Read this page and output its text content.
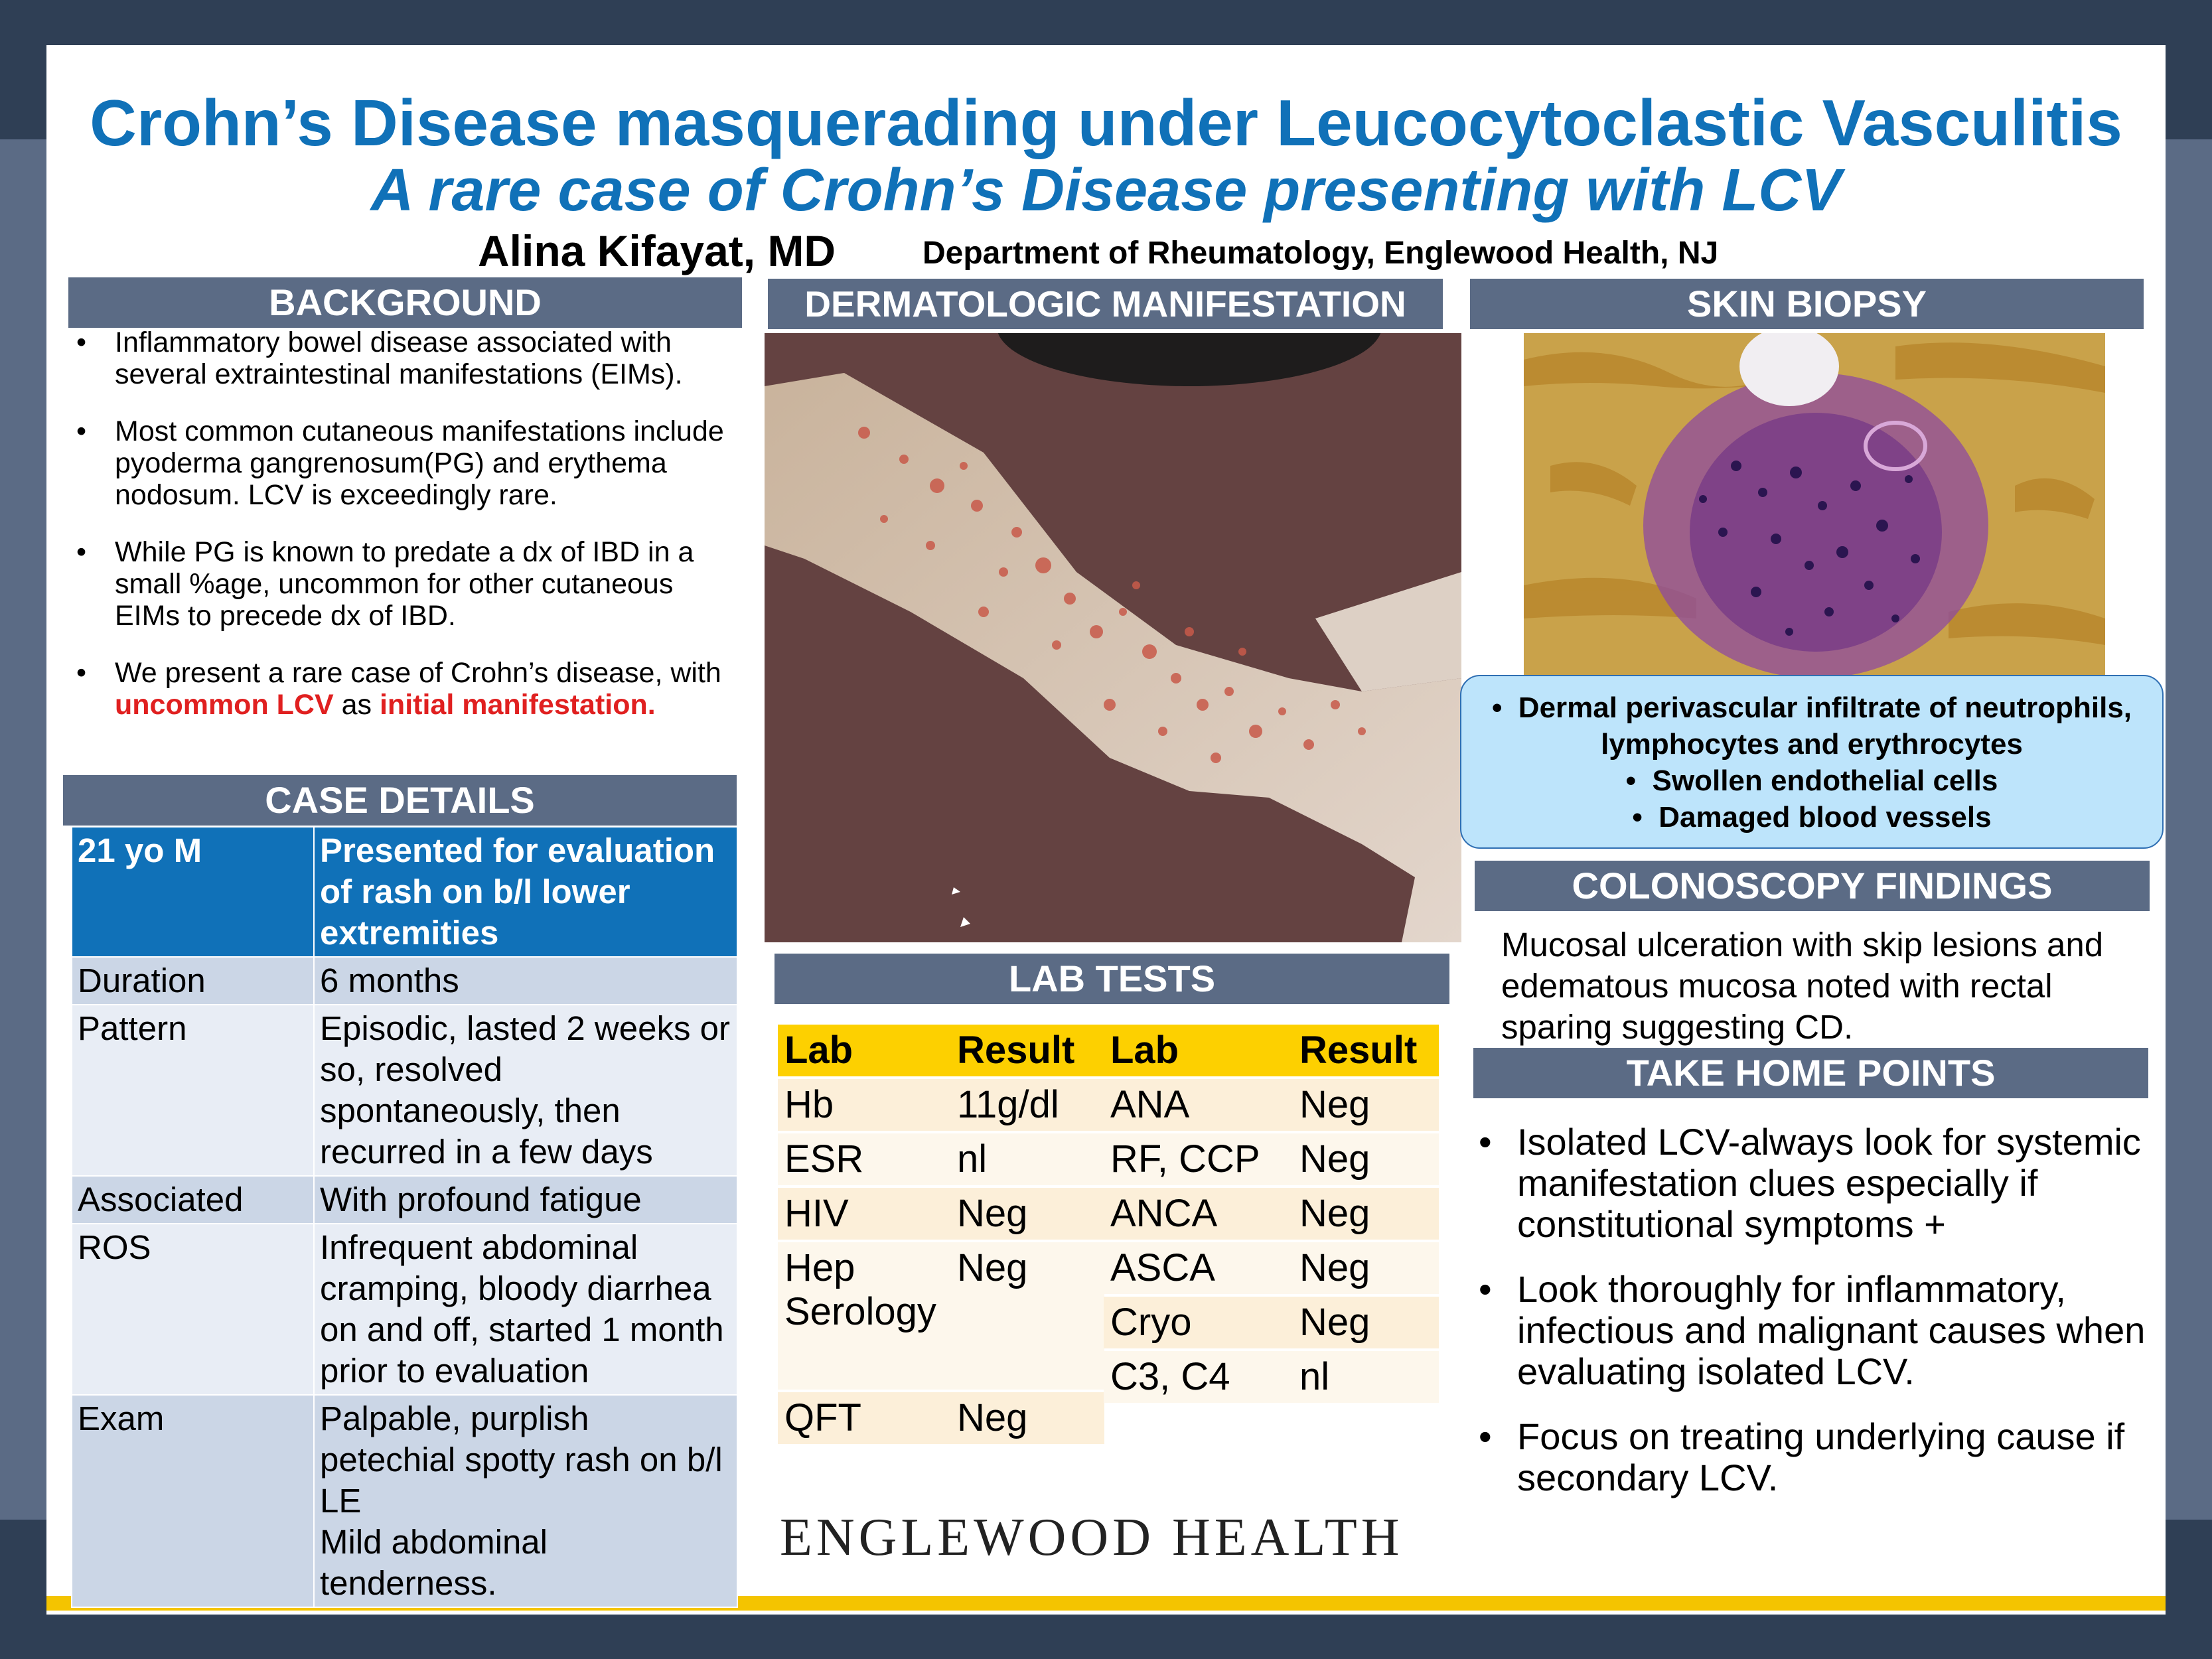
Crohn’s Disease masquerading under Leucocytoclastic Vasculitis
A rare case of Crohn’s Disease presenting with LCV
Alina Kifayat, MD	Department of Rheumatology, Englewood Health, NJ
BACKGROUND
• Inflammatory bowel disease associated with several extraintestinal manifestations (EIMs).
• Most common cutaneous manifestations include pyoderma gangrenosum(PG) and erythema nodosum. LCV is exceedingly rare.
• While PG is known to predate a dx of IBD in a small %age, uncommon for other cutaneous EIMs to precede dx of IBD.
• We present a rare case of Crohn’s disease, with uncommon LCV as initial manifestation.
CASE DETAILS
21 yo M	Presented for evaluation of rash on b/l lower extremities
Duration	6 months
Pattern	Episodic, lasted 2 weeks or so, resolved spontaneously, then recurred in a few days
Associated	With profound fatigue
ROS	Infrequent abdominal cramping, bloody diarrhea on and off, started 1 month prior to evaluation
Exam	Palpable, purplish petechial spotty rash on b/l LE
Mild abdominal tenderness.
DERMATOLOGIC MANIFESTATION
LAB TESTS
Lab	Result
Hb	11g/dl
ESR	nl
HIV	Neg
Hep Serology	Neg
QFT	Neg
Lab	Result
ANA	Neg
RF, CCP	Neg
ANCA	Neg
ASCA	Neg
Cryo	Neg
C3, C4	nl
ENGLEWOOD HEALTH
SKIN BIOPSY
•  Dermal perivascular infiltrate of neutrophils, lymphocytes and erythrocytes
•  Swollen endothelial cells
•  Damaged blood vessels
COLONOSCOPY FINDINGS
Mucosal ulceration with skip lesions and edematous mucosa noted with rectal sparing suggesting CD.
TAKE HOME POINTS
• Isolated LCV-always look for systemic manifestation clues especially if constitutional symptoms +
• Look thoroughly for inflammatory, infectious and malignant causes when evaluating isolated LCV.
• Focus on treating underlying cause if secondary LCV.
